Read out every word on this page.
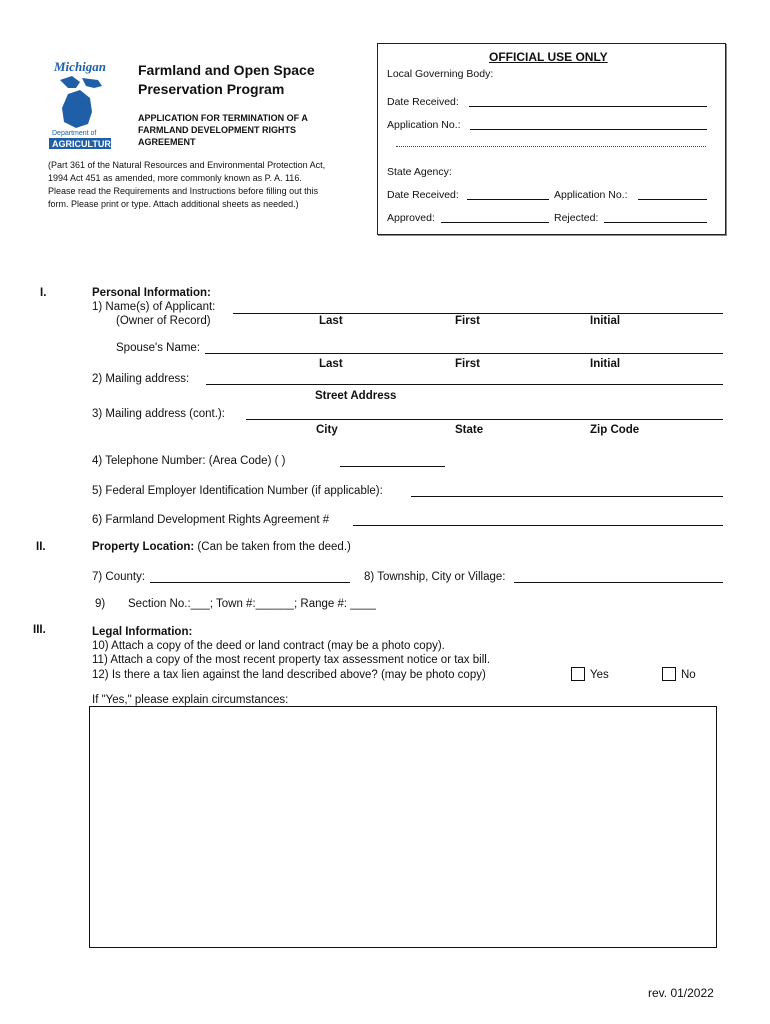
Michigan
Department of
AGRICULTURE
Farmland and Open Space
Preservation Program
APPLICATION FOR TERMINATION OF A
FARMLAND DEVELOPMENT RIGHTS
AGREEMENT
(Part 361 of the Natural Resources and Environmental Protection Act,
1994 Act 451 as amended, more commonly known as P. A. 116.
Please read the Requirements and Instructions before filling out this
form. Please print or type. Attach additional sheets as needed.)
OFFICIAL USE ONLY
Local Governing Body:
Date Received:
Application No.:
State Agency:
Date Received:	Application No.:
Approved:	Rejected:
I.	Personal Information:
1) Name(s) of Applicant:
(Owner of Record)	Last	First	Initial
Spouse's Name:
Last	First	Initial
2) Mailing address:
Street Address
3) Mailing address (cont.):
City	State	Zip Code
4) Telephone Number: (Area Code) ( )
5) Federal Employer Identification Number (if applicable):
6) Farmland Development Rights Agreement #
II.	Property Location: (Can be taken from the deed.)
7) County:	8) Township, City or Village:
9) Section No.:___; Town #:______; Range #: ____
III.	Legal Information:
10) Attach a copy of the deed or land contract (may be a photo copy).
11) Attach a copy of the most recent property tax assessment notice or tax bill.
12) Is there a tax lien against the land described above? (may be photo copy)	Yes	No
If "Yes," please explain circumstances:
rev. 01/2022
